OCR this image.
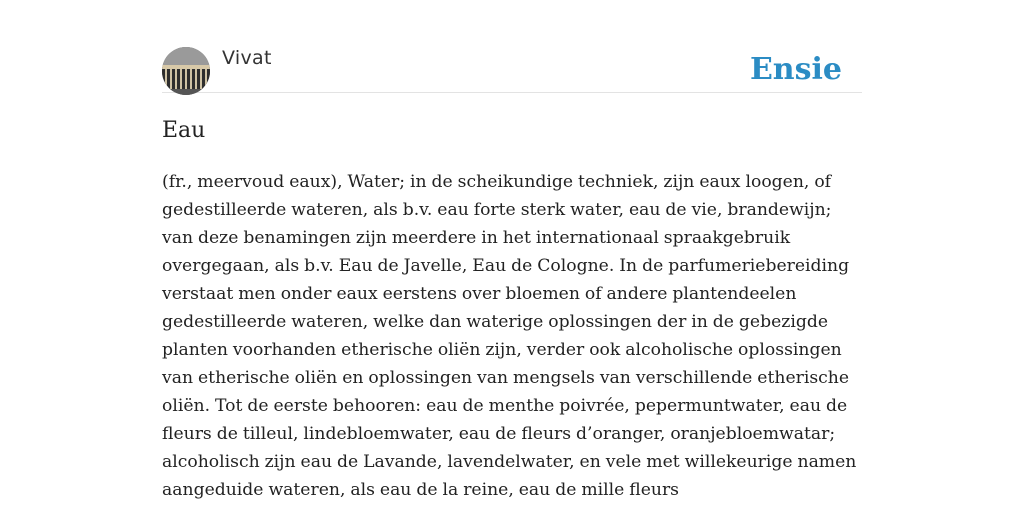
Vivat	Ensie
Eau

(fr., meervoud eaux), Water; in de scheikundige techniek, zijn eaux loogen, of gedestilleerde wateren, als b.v. eau forte sterk water, eau de vie, brandewijn; van deze benamingen zijn meerdere in het internationaal spraakgebruik overgegaan, als b.v. Eau de Javelle, Eau de Cologne. In de parfumeriebereiding verstaat men onder eaux eerstens over bloemen of andere plantendeelen gedestilleerde wateren, welke dan waterige oplossingen der in de gebezigde planten voorhanden etherische oliën zijn, verder ook alcoholische oplossingen van etherische oliën en oplossingen van mengsels van verschillende etherische oliën. Tot de eerste behooren: eau de menthe poivrée, pepermuntwater, eau de fleurs de tilleul, lindebloemwater, eau de fleurs d’oranger, oranjebloemwatar; alcoholisch zijn eau de Lavande, lavendelwater, en vele met willekeurige namen aangeduide wateren, als eau de la reine, eau de mille fleurs
